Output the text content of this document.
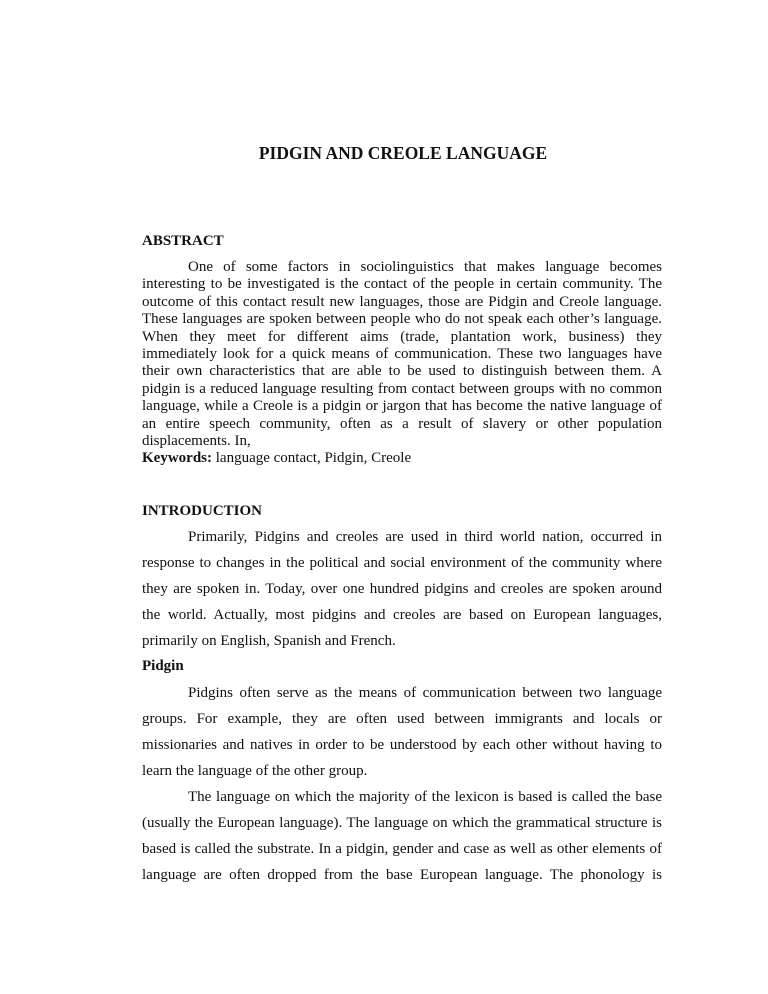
PIDGIN AND CREOLE LANGUAGE
ABSTRACT
One of some factors in sociolinguistics that makes language becomes
interesting to be investigated is the contact of the people in certain community. The
outcome of this contact result new languages, those are Pidgin and Creole language.
These languages are spoken between people who do not speak each other’s language.
When they meet for different aims (trade, plantation work, business) they
immediately look for a quick means of communication. These two languages have
their own characteristics that are able to be used to distinguish between them. A
pidgin is a reduced language resulting from contact between groups with no common
language, while a Creole is a pidgin or jargon that has become the native language of
an entire speech community, often as a result of slavery or other population
displacements. In,
Keywords: language contact, Pidgin, Creole
INTRODUCTION
Primarily, Pidgins and creoles are used in third world nation, occurred in
response to changes in the political and social environment of the community where
they are spoken in. Today, over one hundred pidgins and creoles are spoken around
the world. Actually, most pidgins and creoles are based on European languages,
primarily on English, Spanish and French.
Pidgin
Pidgins often serve as the means of communication between two language
groups. For example, they are often used between immigrants and locals or
missionaries and natives in order to be understood by each other without having to
learn the language of the other group.
The language on which the majority of the lexicon is based is called the base
(usually the European language). The language on which the grammatical structure is
based is called the substrate. In a pidgin, gender and case as well as other elements of
language are often dropped from the base European language. The phonology is
